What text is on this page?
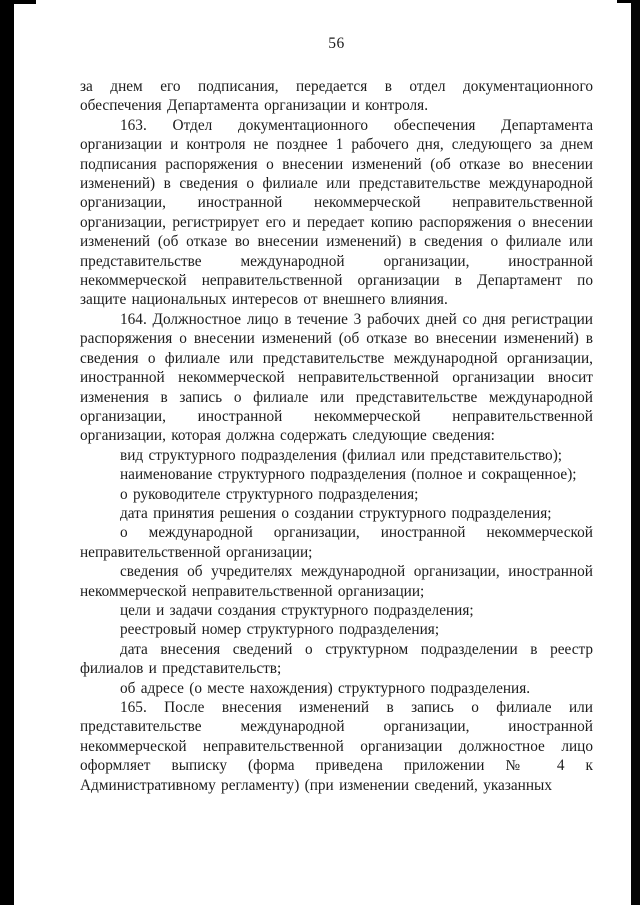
56

за днем его подписания, передается в отдел документационного обеспечения Департамента организации и контроля.

163. Отдел документационного обеспечения Департамента организации и контроля не позднее 1 рабочего дня, следующего за днем подписания распоряжения о внесении изменений (об отказе во внесении изменений) в сведения о филиале или представительстве международной организации, иностранной некоммерческой неправительственной организации, регистрирует его и передает копию распоряжения о внесении изменений (об отказе во внесении изменений) в сведения о филиале или представительстве международной организации, иностранной некоммерческой неправительственной организации в Департамент по защите национальных интересов от внешнего влияния.

164. Должностное лицо в течение 3 рабочих дней со дня регистрации распоряжения о внесении изменений (об отказе во внесении изменений) в сведения о филиале или представительстве международной организации, иностранной некоммерческой неправительственной организации вносит изменения в запись о филиале или представительстве международной организации, иностранной некоммерческой неправительственной организации, которая должна содержать следующие сведения:

вид структурного подразделения (филиал или представительство);

наименование структурного подразделения (полное и сокращенное);

о руководителе структурного подразделения;

дата принятия решения о создании структурного подразделения;

о международной организации, иностранной некоммерческой неправительственной организации;

сведения об учредителях международной организации, иностранной некоммерческой неправительственной организации;

цели и задачи создания структурного подразделения;

реестровый номер структурного подразделения;

дата внесения сведений о структурном подразделении в реестр филиалов и представительств;

об адресе (о месте нахождения) структурного подразделения.

165. После внесения изменений в запись о филиале или представительстве международной организации, иностранной некоммерческой неправительственной организации должностное лицо оформляет выписку (форма приведена приложении № 4 к Административному регламенту) (при изменении сведений, указанных
